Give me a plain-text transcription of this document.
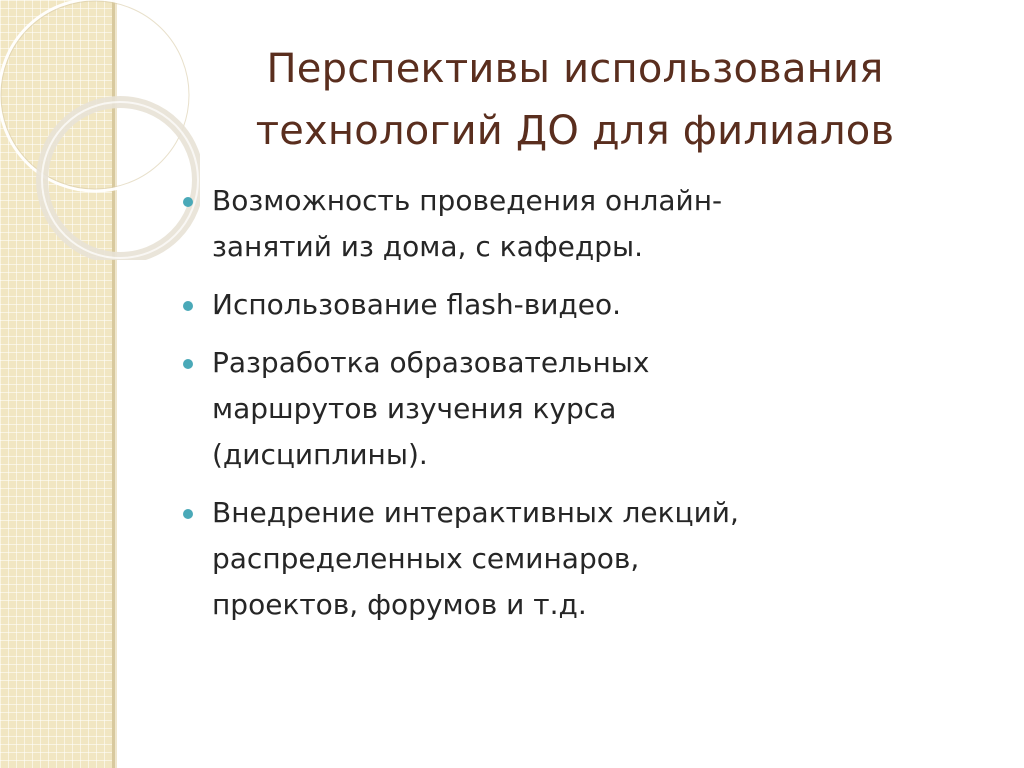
Перспективы использования
технологий ДО для филиалов
Возможность проведения онлайн-
занятий из дома, с кафедры.
Использование flash-видео.
Разработка образовательных
маршрутов изучения курса
(дисциплины).
Внедрение интерактивных лекций,
распределенных семинаров,
проектов, форумов и т.д.
